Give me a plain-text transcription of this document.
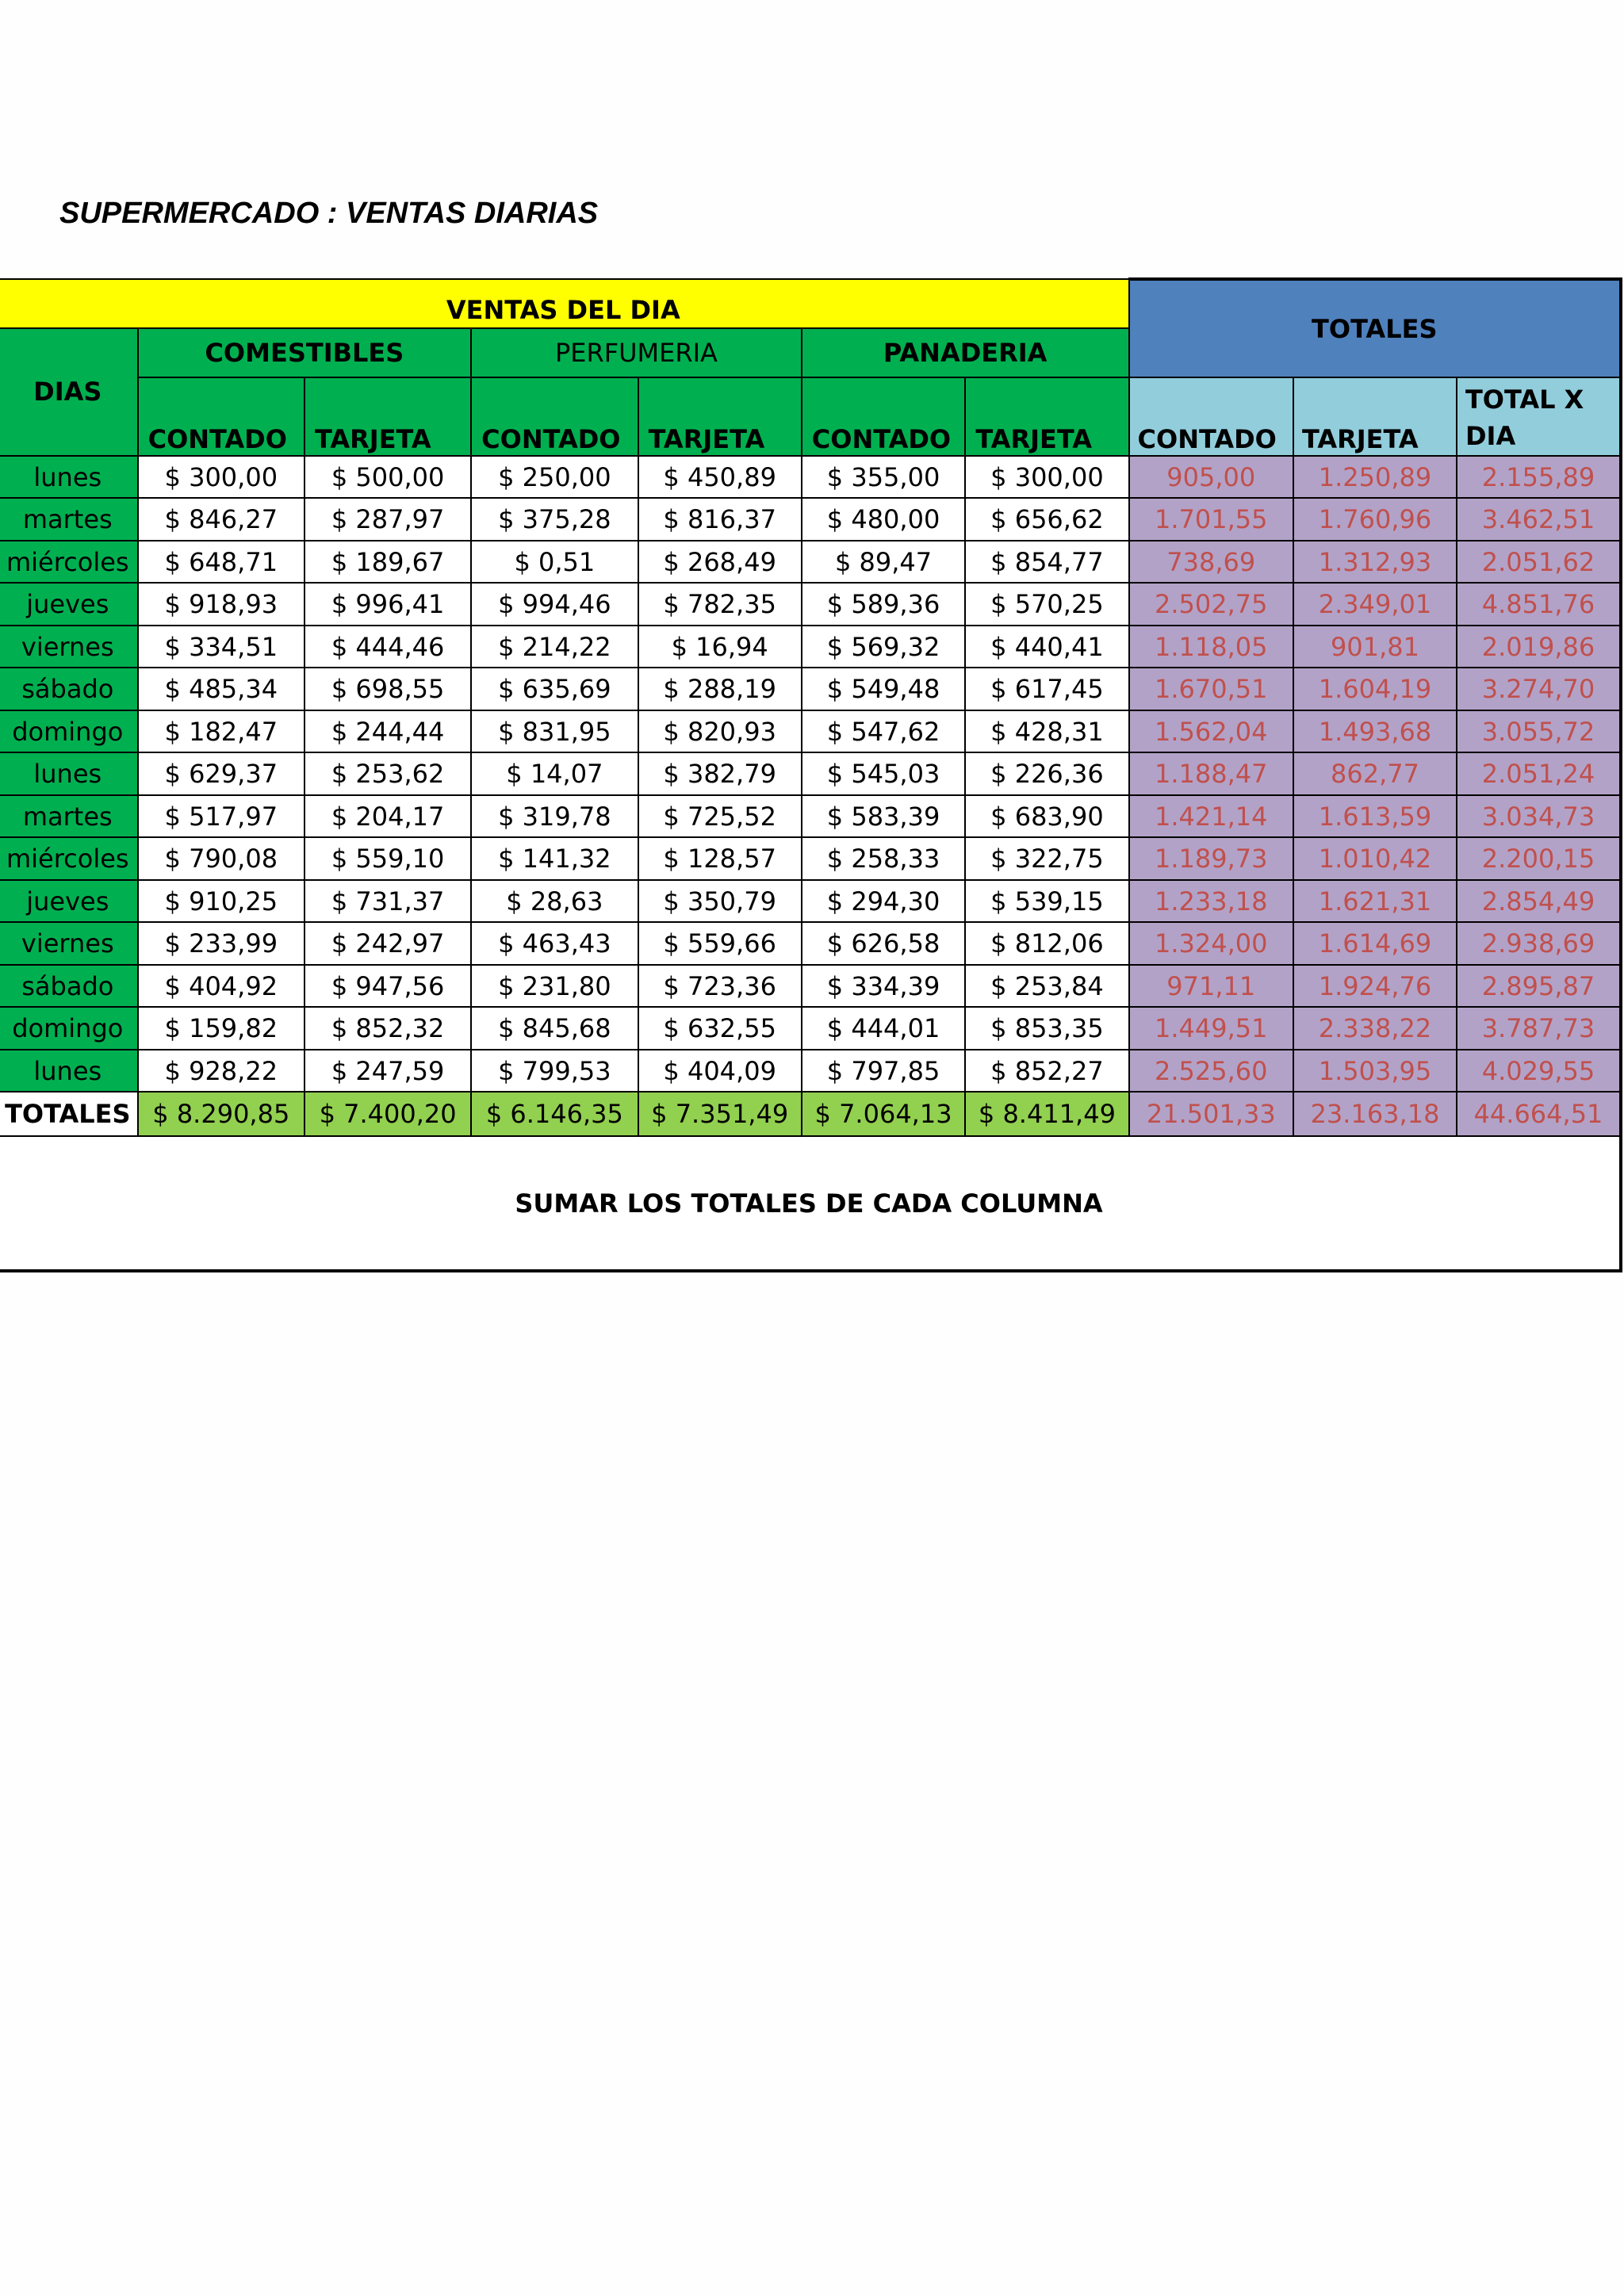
SUPERMERCADO : VENTAS DIARIAS
VENTAS DEL DIA							TOTALES		
DIAS	COMESTIBLES		PERFUMERIA		PANADERIA				
	CONTADO	TARJETA	CONTADO	TARJETA	CONTADO	TARJETA	CONTADO	TARJETA	TOTAL X DIA
lunes	$ 300,00	$ 500,00	$ 250,00	$ 450,89	$ 355,00	$ 300,00	905,00	1.250,89	2.155,89
martes	$ 846,27	$ 287,97	$ 375,28	$ 816,37	$ 480,00	$ 656,62	1.701,55	1.760,96	3.462,51
miércoles	$ 648,71	$ 189,67	$ 0,51	$ 268,49	$ 89,47	$ 854,77	738,69	1.312,93	2.051,62
jueves	$ 918,93	$ 996,41	$ 994,46	$ 782,35	$ 589,36	$ 570,25	2.502,75	2.349,01	4.851,76
viernes	$ 334,51	$ 444,46	$ 214,22	$ 16,94	$ 569,32	$ 440,41	1.118,05	901,81	2.019,86
sábado	$ 485,34	$ 698,55	$ 635,69	$ 288,19	$ 549,48	$ 617,45	1.670,51	1.604,19	3.274,70
domingo	$ 182,47	$ 244,44	$ 831,95	$ 820,93	$ 547,62	$ 428,31	1.562,04	1.493,68	3.055,72
lunes	$ 629,37	$ 253,62	$ 14,07	$ 382,79	$ 545,03	$ 226,36	1.188,47	862,77	2.051,24
martes	$ 517,97	$ 204,17	$ 319,78	$ 725,52	$ 583,39	$ 683,90	1.421,14	1.613,59	3.034,73
miércoles	$ 790,08	$ 559,10	$ 141,32	$ 128,57	$ 258,33	$ 322,75	1.189,73	1.010,42	2.200,15
jueves	$ 910,25	$ 731,37	$ 28,63	$ 350,79	$ 294,30	$ 539,15	1.233,18	1.621,31	2.854,49
viernes	$ 233,99	$ 242,97	$ 463,43	$ 559,66	$ 626,58	$ 812,06	1.324,00	1.614,69	2.938,69
sábado	$ 404,92	$ 947,56	$ 231,80	$ 723,36	$ 334,39	$ 253,84	971,11	1.924,76	2.895,87
domingo	$ 159,82	$ 852,32	$ 845,68	$ 632,55	$ 444,01	$ 853,35	1.449,51	2.338,22	3.787,73
lunes	$ 928,22	$ 247,59	$ 799,53	$ 404,09	$ 797,85	$ 852,27	2.525,60	1.503,95	4.029,55
TOTALES	$ 8.290,85	$ 7.400,20	$ 6.146,35	$ 7.351,49	$ 7.064,13	$ 8.411,49	21.501,33	23.163,18	44.664,51
SUMAR LOS TOTALES DE CADA COLUMNA									
